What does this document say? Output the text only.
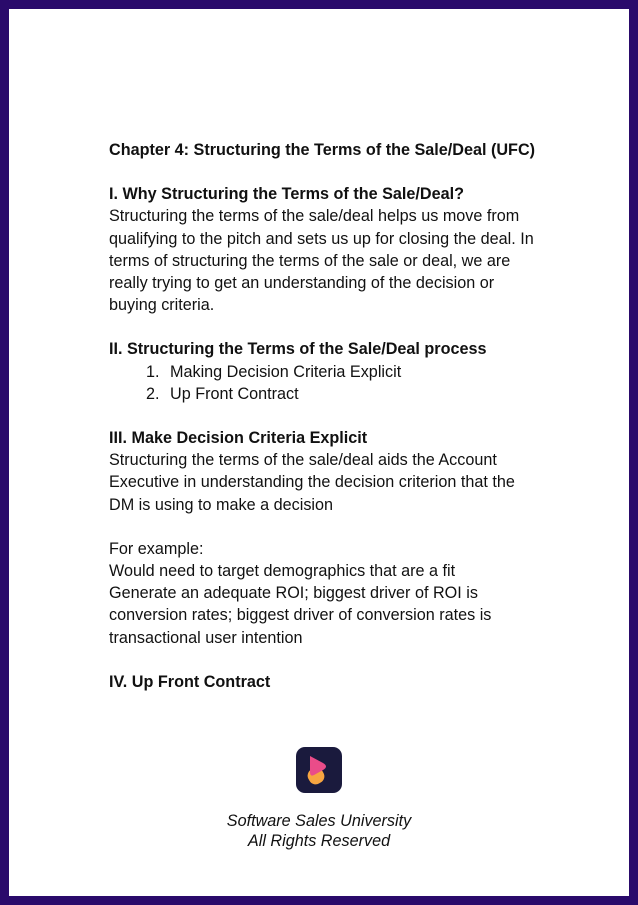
Chapter 4: Structuring the Terms of the Sale/Deal (UFC)
I. Why Structuring the Terms of the Sale/Deal?
Structuring the terms of the sale/deal helps us move from qualifying to the pitch and sets us up for closing the deal. In terms of structuring the terms of the sale or deal, we are really trying to get an understanding of the decision or buying criteria.
II. Structuring the Terms of the Sale/Deal process
1. Making Decision Criteria Explicit
2. Up Front Contract
III. Make Decision Criteria Explicit
Structuring the terms of the sale/deal aids the Account Executive in understanding the decision criterion that the DM is using to make a decision
For example:
Would need to target demographics that are a fit
Generate an adequate ROI; biggest driver of ROI is conversion rates; biggest driver of conversion rates is transactional user intention
IV. Up Front Contract
Software Sales University
All Rights Reserved
